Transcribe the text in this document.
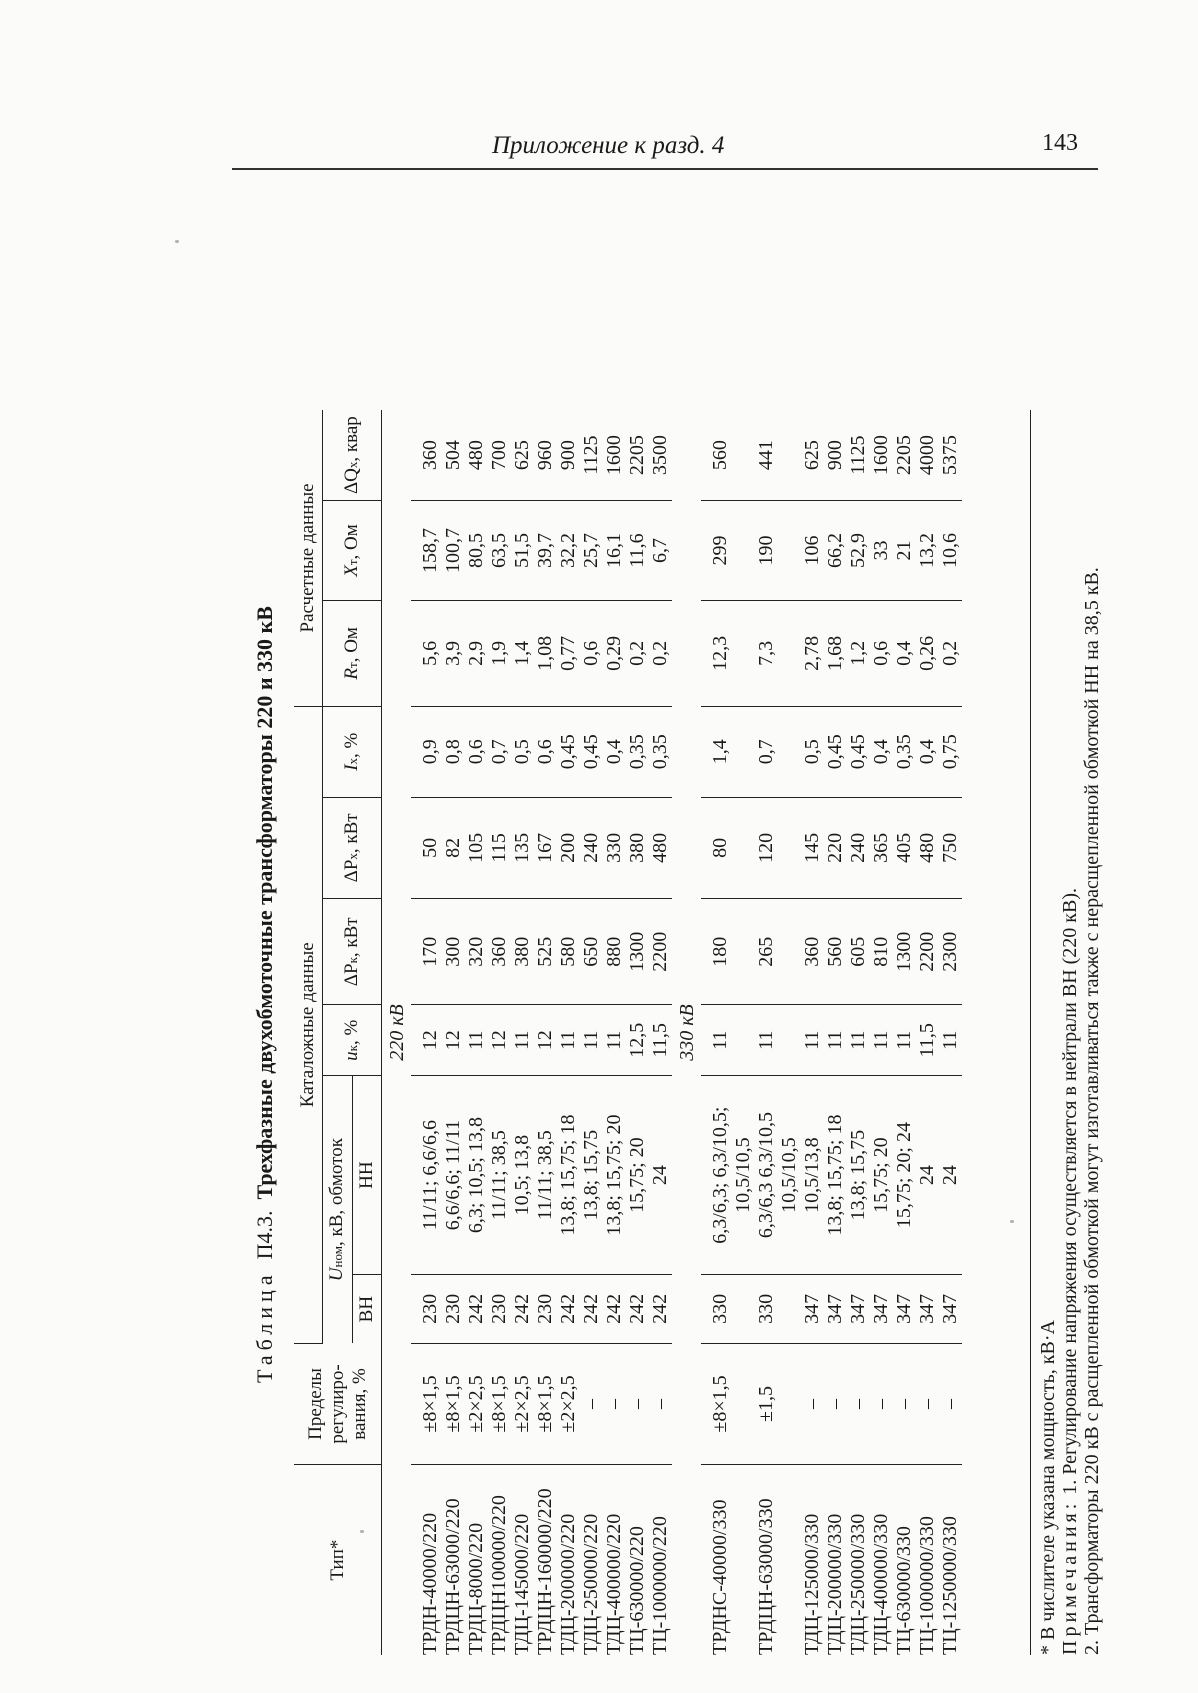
Приложение к разд. 4	143
Таблица  П4.3.  Трехфазные двухобмоточные трансформаторы 220 и 330 кВ
Тип*	Пределы регулиро-вания, %	Каталожные данные						Расчетные данные		
		Uном, кВ, обмоток		uк, %	ΔPк, кВт	ΔPх, кВт	Iх, %	Rт, Ом	Xт, Ом	ΔQх, квар
		ВН	НН							
220 кВ										
ТРДН-40000/220	±8×1,5	230	11/11; 6,6/6,6	12	170	50	0,9	5,6	158,7	360
ТРДЦН-63000/220	±8×1,5	230	6,6/6,6; 11/11	12	300	82	0,8	3,9	100,7	504
ТРДЦ-8000/220	±2×2,5	242	6,3; 10,5; 13,8	11	320	105	0,6	2,9	80,5	480
ТРДЦН100000/220	±8×1,5	230	11/11; 38,5	12	360	115	0,7	1,9	63,5	700
ТДЦ-145000/220	±2×2,5	242	10,5; 13,8	11	380	135	0,5	1,4	51,5	625
ТРДЦН-160000/220	±8×1,5	230	11/11; 38,5	12	525	167	0,6	1,08	39,7	960
ТДЦ-200000/220	±2×2,5	242	13,8; 15,75; 18	11	580	200	0,45	0,77	32,2	900
ТДЦ-250000/220	–	242	13,8; 15,75	11	650	240	0,45	0,6	25,7	1125
ТДЦ-400000/220	–	242	13,8; 15,75; 20	11	880	330	0,4	0,29	16,1	1600
ТЦ-630000/220	–	242	15,75; 20	12,5	1300	380	0,35	0,2	11,6	2205
ТЦ-1000000/220	–	242	24	11,5	2200	480	0,35	0,2	6,7	3500
330 кВ										
ТРДНС-40000/330	±8×1,5	330	6,3/6,3; 6,3/10,5;
10,5/10,5	11	180	80	1,4	12,3	299	560
ТРДЦН-63000/330	±1,5	330	6,3/6,3 6,3/10,5
10,5/10,5	11	265	120	0,7	7,3	190	441
ТДЦ-125000/330	–	347	10,5/13,8	11	360	145	0,5	2,78	106	625
ТДЦ-200000/330	–	347	13,8; 15,75; 18	11	560	220	0,45	1,68	66,2	900
ТДЦ-250000/330	–	347	13,8; 15,75	11	605	240	0,45	1,2	52,9	1125
ТДЦ-400000/330	–	347	15,75; 20	11	810	365	0,4	0,6	33	1600
ТЦ-630000/330	–	347	15,75; 20; 24	11	1300	405	0,35	0,4	21	2205
ТЦ-1000000/330	–	347	24	11,5	2200	480	0,4	0,26	13,2	4000
ТЦ-1250000/330	–	347	24	11	2300	750	0,75	0,2	10,6	5375
* В числителе указана мощность, кВ·А Примечания: 1. Регулирование напряжения осуществляется в нейтрали ВН (220 кВ). 2. Трансформаторы 220 кВ с расщепленной обмоткой могут изготавливаться также с нерасщепленной обмоткой НН на 38,5 кВ.
